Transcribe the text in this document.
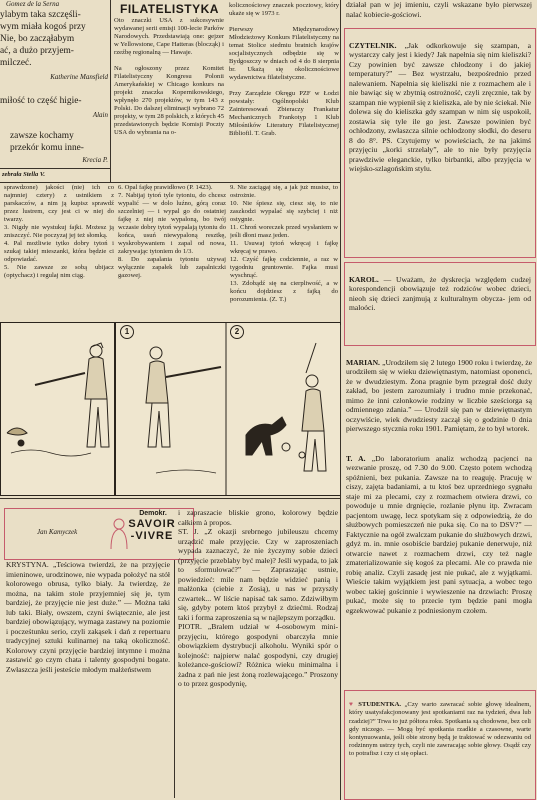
Gomez de la Serna
ylabym taka szczęśli-
wym miała kogoś przy
Nie, bo zacząłabym
ać, a dużo przyjem-
milczeć.
Katherine Mansfield
miłość to część higie-
Alain
zawsze kochamy
przekór komu inne-
Krecia P.
zebrała Stella V.
FILATELISTYKA
Oto znaczki USA z sukcesywnie wydawanej serii emisji 100-lecie Parków Narodowych. Przedstawiają one: gejzer w Yellowstone, Cape Hatteras (blocząk) i rzeźbę regionalną — Hawaje.

Na ogłoszony przez Komitet Filatelistyczny Kongresu Polonii Amerykańskiej w Chicago konkurs na projekt znaczka Kopernikowskiego, wpłynęło 270 projektów, w tym 143 z Polski. Do dalszej eliminacji wybrano 72 projekty, w tym 28 polskich, z których 45 przedstawionych będzie Komisji Poczty USA do wybrania na o-
kolicznościowy znaczek pocztowy, który ukaże się w 1973 r.

Pierwszy Międzynarodowy Młodzieżowy Konkurs Filatelistyczny na temat Stolice siedmiu bratnich krajów socjalistycznych odbędzie się w Bydgoszczy w dniach od 4 do 8 sierpnia br. Ukażą się okolicznościowe wydawnictwa filatelistyczne.

Przy Zarządzie Okręgu PZF w Łodzi powstały: Ogólnopolski Klub Zainteresowań Zbieraczy Frankatur Mechanicznych Frankotyp 1 Klub Miłośników Literatury Filatelistycznej Bibliofil. T. Grab.
sprawdzone) jakości (nie) ich co najmniej cztery) z ustnikiem z parskaczów, a nim ją kupisz sprawdź przez lustrem, czy jest ci w niej do twarzy.
3. Nigdy nie wystukuj fajki. Możesz ją zniszczyć. Nie poczyzaj jej też słomką.
4. Pal możliwie tytko dobry tytoń i szukaj takiej mieszanki, która będzie ci odpowiadać.
5. Nie zawsze ze sobą ubijacz (optychacz) i regulaj nim ciąg.
6. Opal fajkę prawidłowo (P. 1423).
7. Nabijaj tytoń tyle tytoniu, do chcesz wypalić — w dolo luźno, górą coraz szczelniej — i wypal go do ostatniej fajkę z niej nie wypaloną, bo twój wczasie dobry tytoń wypalają tytoniu do końca, usuń niewypaloną resztkę, wyskrobywaniem i zapal od nowa, zakrywając tytoniem do 1/3.
8. Do zapalania tytoniu używaj wyłącznie zapałek lub zapalniczki gazowej.
9. Nie zaciągaj się, a jak już musisz, to ostrożnie.
10. Nie śpiesz się, ciesz się, to nie zaszkodzi wypalać się szybciej i niż ostygnie.
11. Chroń woreczek przed wysłaniem w jeśli dłoni masz jeden.
11. Usuwaj tytoń wkręcaj i fajkę wkręcaj w prawo.
12. Czyść fajkę codziennie, a raz w tygodniu gruntownie. Fajka musi wyschnąć.
13. Zdobądź się na cierpliwość, a w końcu dojdziesz z fajką do porozumienia. (Z. T.)
1	2
Jan Kamyczek
Demokr.
SAVOIR
-VIVRE
KRYSTYNA. „Teściowa twierdzi, że na przyjęcie imieninowe, urodzinowe, nie wypada położyć na stół kolorowego obrusa, tylko biały. Ja twierdzę, że można, na takim stole przyjemniej się je, tym bardziej, że przyjęcie nie jest duże.” — Można taki lub taki. Biały, owszem, czyni świątecznie, ale jest bardziej obowiązujący, wymaga zastawy na poziomie i pocześtunku serio, czyli zakąsek i dań z repertuaru tradycyjnej sztuki kulinarnej na taką okoliczność. Kolorowy czyni przyjęcie bardziej intymne i można zastawić go czym chata i talenty gospodyni bogate. Zwłaszcza jeśli jesteście młodym małżeństwem
i zapraszacie bliskie grono, kolorowy będzie całkiem à propos.
ST. J. „Z okazji srebrnego jubileuszu chcemy urządzić małe przyjęcie. Czy w zaproszeniach wypada zaznaczyć, że nie życzymy sobie dzieci (przyjęcie przeblaby być małe)? Jeśli wypada, to jak to sformułować?” — Zapraszając ustnie, powiedzieć: mile nam będzie widzieć panią i małżonka (ciebie z Zosią), u nas w przyszły czwartek... W liście napisać tak samo. Zdziwiłbym się, gdyby potem ktoś przybył z dziećmi. Rodzaj taki i forma zaproszenia są w najlepszym porządku.
PIOTR. „Bralem udział w 4-osobowym mini-przyjęciu, którego gospodyni obarczyła mnie obowiązkiem dystrybucji alkoholu. Wyniki spór o kolejność: najpierw nalać gospodyni, czy drugiej koleżance-gościowi? Różnica wieku minimalna i żadna z pań nie jest żoną rozlewającego.” Proszony o to przez gospodynię,
działał pan w jej imieniu, czyli wskazane było pierwszej nalać kobiecie-gościowi.

CZYTELNIK. „Jak odkorkowuje się szampan, a wystarczy cały jest i kiedy? Jak napełnia się nim kieliszki? Czy powinien być zawsze chłodzony i do jakiej temperatury?” — Bez wystrzału, bezpośrednio przed nalewaniem. Napełnia się kieliszki nie z rozmachem ale i nie bawiąc się w zbytnią ostrożność, czyli zręcznie, tak by szampan nie wypienił się z kieliszka, ale by nie ściekał. Nie dolewa się do kieliszka gdy szampan w nim się uspokoił, zostawia się tyle ile go jest. Zawsze powinien być ochłodzony, zwłaszcza silnie ochłodzony słodki, do deseru 8 do 8°. PS. Czytujemy w powieściach, że na jakimś przyjęciu „korki strzelały”, ale to nie były przyjęcia prawdziwie eleganckie, tylko birbantki, albo przyjęcia w wiejsko-szlagońskim stylu.

KAROL. — Uważam, że dyskrecja względem cudzej korespondencji obowiązuje też rodziców wobec dzieci, nieoh się dzieci zanjmują z kulturalnym obycza- jem od maloóci.

MARIAN. „Urodziłem się 2 lutego 1900 roku i twierdzę, że urodziłem się w wieku dziewiętnastym, natomiast oponenci, że w dwudziestym. Żona pragnie bym przegrał dość duży zakład, bo jestem zarozumiały i trudno mnie przekonać, mimo że inni członkowie rodziny w liczbie sześciorga są odmiennego zdania.” — Urodził się pan w dziewiętnastym oczywiście, wiek dwudziesty zaczął się o godzinie 0 dnia pierwszego stycznia roku 1901. Pamiętam, że to był wtorek.

T. A. „Do laboratorium analiz wchodzą pacjenci na wezwanie proszę, od 7.30 do 9.00. Często potem wchodzą spóźnieni, bez pukania. Zawsze na to reaguję. Pracuję w ciszy, zajęta badaniami, a tu ktoś bez uprzedniego sygnału staje mi za plecami, czy z rozmachem otwiera drzwi, co powoduje u mnie drgnięcie, rozlanie płynu itp. Zwracam pacjentom uwagę, lecz spotykam się z odpowiedzią, że do służbowych pomieszczeń nie puka się. Co na to DSV?” — Faktycznie na ogół zwalczam pukanie do służbowych drzwi, gdyż m. in. mnie osobiście bardziej pukanie denerwuje, niż otwarcie nawet z rozmachem drzwi, czy też nagle zmaterializowanie się kogoś za plecami. Ale co prawda nie robię analiz. Czyli zasadę jest nie pukać, ale z wyjątkami. Wieście takim wyjątkiem jest pani sytuacja, a wobec tego wobec takiej gościnnie i wywieszenie na drzwiach: Proszę pukać, może się to przecie tym będzie pani mogła egzekwować pukanie z podniesionym czołem.

♥ STUDENTKA. „Czy warto zawracać sobie głowę idealnem, który usatysfakcjonowany jest spotkaniami raz na tydzień, dwa lub rzadziej?” Trwa to już półtora roku. Spotkania są chodowne, bez celi gdy niczego. — Mogą być spotkania rzadkie a czasowne, warte kontynuowania, jeśli obie strony będą je traktować w odezwaniu od rodzinnym ustrzy tych, czyli nie zawracając sobie głowy. Osądź czy to potrafisz i czy ci się opłaci.
